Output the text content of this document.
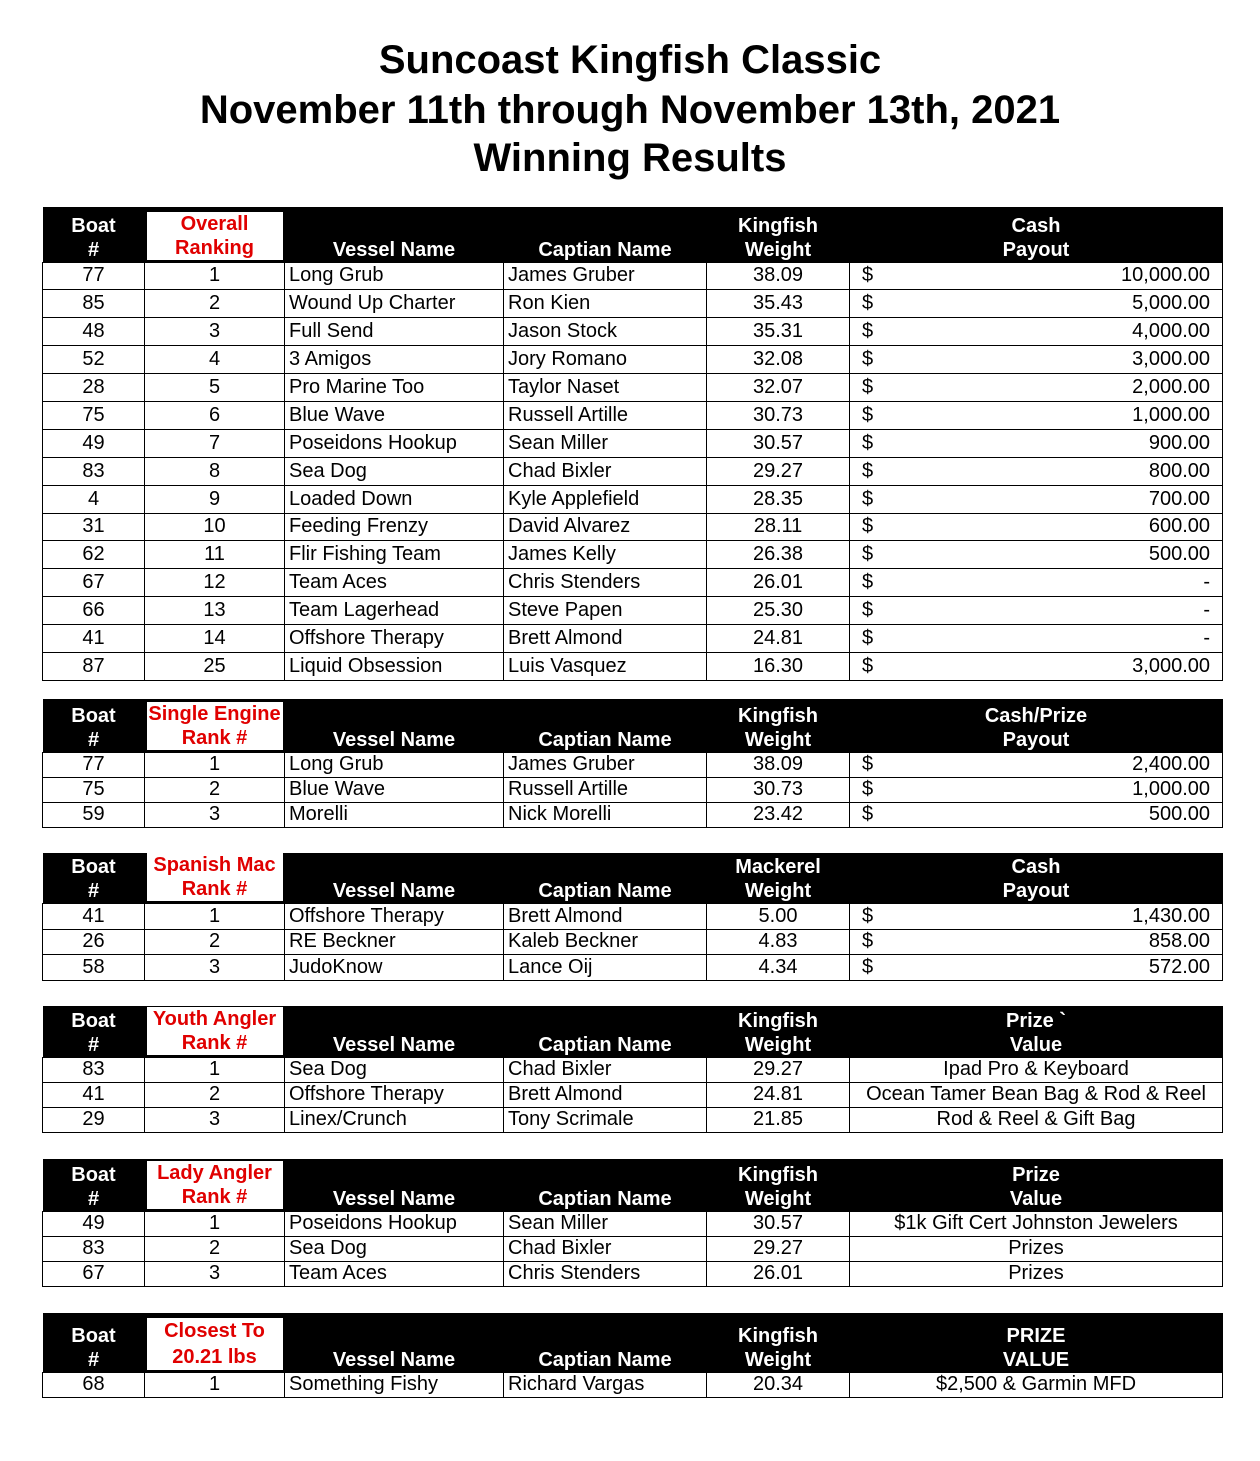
Suncoast Kingfish Classic
November 11th through November 13th, 2021
Winning Results
Boat
#	Overall
Ranking	Vessel Name	Captian Name	Kingfish
Weight	Cash
Payout
77	1	Long Grub	James Gruber	38.09	$ 10,000.00

85	2	Wound Up Charter	Ron Kien	35.43	$ 5,000.00

48	3	Full Send	Jason Stock	35.31	$ 4,000.00

52	4	3 Amigos	Jory Romano	32.08	$ 3,000.00

28	5	Pro Marine Too	Taylor Naset	32.07	$ 2,000.00

75	6	Blue Wave	Russell Artille	30.73	$ 1,000.00

49	7	Poseidons Hookup	Sean Miller	30.57	$ 900.00

83	8	Sea Dog	Chad Bixler	29.27	$ 800.00

4	9	Loaded Down	Kyle Applefield	28.35	$ 700.00

31	10	Feeding Frenzy	David Alvarez	28.11	$ 600.00

62	11	Flir Fishing Team	James Kelly	26.38	$ 500.00

67	12	Team Aces	Chris Stenders	26.01	$ -

66	13	Team Lagerhead	Steve Papen	25.30	$ -

41	14	Offshore Therapy	Brett Almond	24.81	$ -

87	25	Liquid Obsession	Luis Vasquez	16.30	$ 3,000.00
Boat
#	Single Engine
Rank #	Vessel Name	Captian Name	Kingfish
Weight	Cash/Prize
Payout
77	1	Long Grub	James Gruber	38.09	$ 2,400.00

75	2	Blue Wave	Russell Artille	30.73	$ 1,000.00

59	3	Morelli	Nick Morelli	23.42	$ 500.00
Boat
#	Spanish Mac
Rank #	Vessel Name	Captian Name	Mackerel
Weight	Cash
Payout
41	1	Offshore Therapy	Brett Almond	5.00	$ 1,430.00

26	2	RE Beckner	Kaleb Beckner	4.83	$ 858.00

58	3	JudoKnow	Lance Oij	4.34	$ 572.00
Boat
#	Youth Angler
Rank #	Vessel Name	Captian Name	Kingfish
Weight	Prize `
Value
83	1	Sea Dog	Chad Bixler	29.27	Ipad Pro & Keyboard
41	2	Offshore Therapy	Brett Almond	24.81	Ocean Tamer Bean Bag & Rod & Reel
29	3	Linex/Crunch	Tony Scrimale	21.85	Rod & Reel & Gift Bag
Boat
#	Lady Angler
Rank #	Vessel Name	Captian Name	Kingfish
Weight	Prize
Value
49	1	Poseidons Hookup	Sean Miller	30.57	$1k Gift Cert Johnston Jewelers
83	2	Sea Dog	Chad Bixler	29.27	Prizes
67	3	Team Aces	Chris Stenders	26.01	Prizes
Boat
#	Closest To
20.21 lbs	Vessel Name	Captian Name	Kingfish
Weight	PRIZE
VALUE
68	1	Something Fishy	Richard Vargas	20.34	$2,500 & Garmin MFD
